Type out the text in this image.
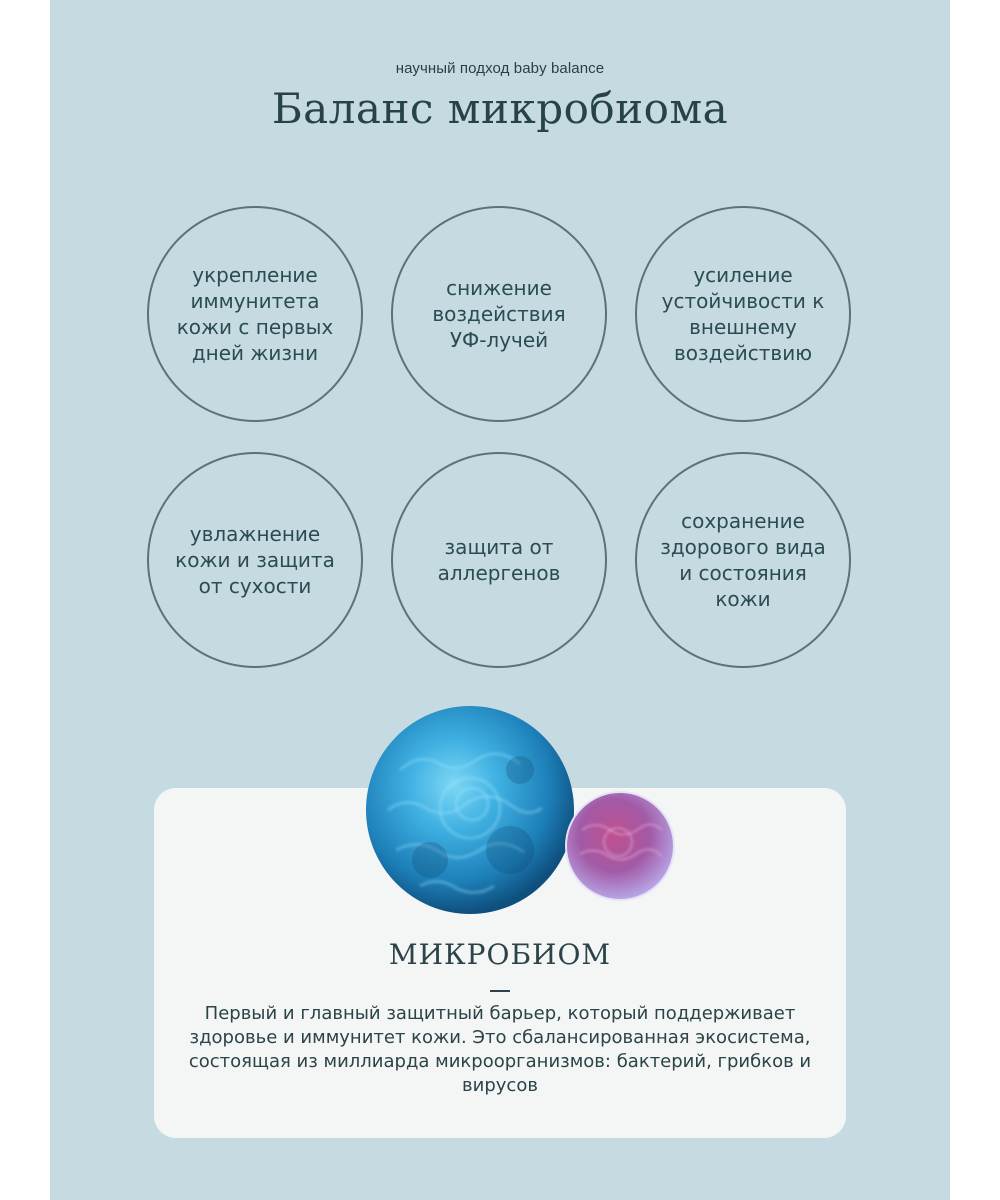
научный подход baby balance
Баланс микробиома
укрепление иммунитета кожи с первых дней жизни
снижение воздействия УФ-лучей
усиление устойчивости к внешнему воздействию
увлажнение кожи и защита от сухости
защита от аллергенов
сохранение здорового вида и состояния кожи
МИКРОБИОМ
Первый и главный защитный барьер, который поддерживает здоровье и иммунитет кожи. Это сбалансированная экосистема, состоящая из миллиарда микроорганизмов: бактерий, грибков и вирусов
